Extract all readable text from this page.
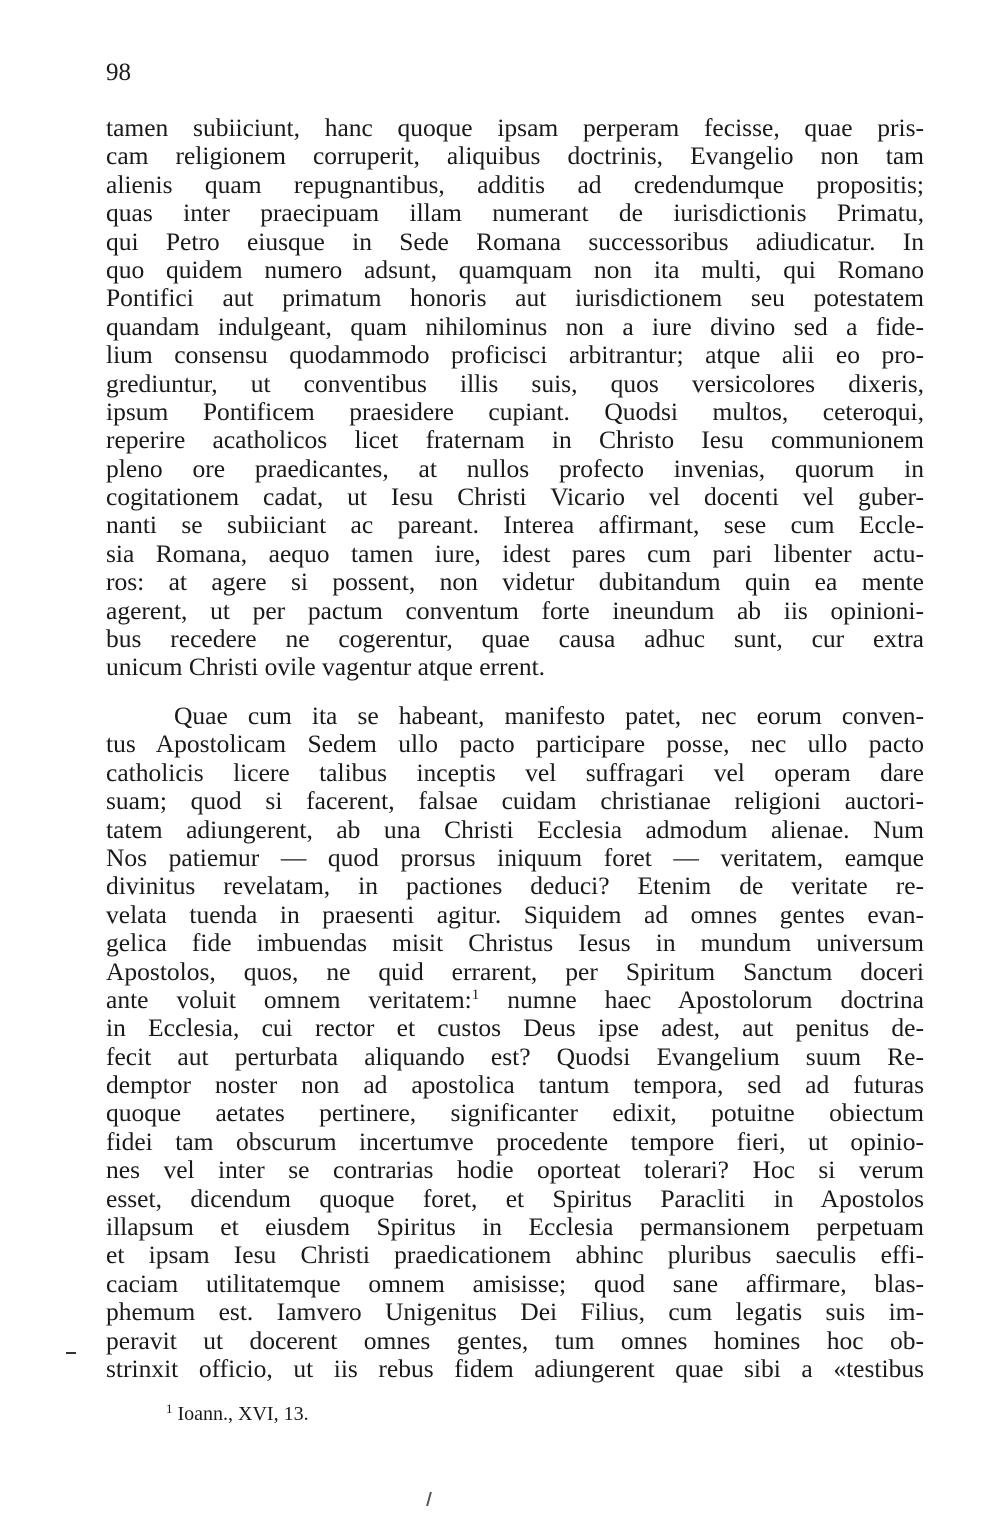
98
tamen subiiciunt, hanc quoque ipsam perperam fecisse, quae pris-
cam religionem corruperit, aliquibus doctrinis, Evangelio non tam
alienis quam repugnantibus, additis ad credendumque propositis;
quas inter praecipuam illam numerant de iurisdictionis Primatu,
qui Petro eiusque in Sede Romana successoribus adiudicatur. In
quo quidem numero adsunt, quamquam non ita multi, qui Romano
Pontifici aut primatum honoris aut iurisdictionem seu potestatem
quandam indulgeant, quam nihilominus non a iure divino sed a fide-
lium consensu quodammodo proficisci arbitrantur; atque alii eo pro-
grediuntur, ut conventibus illis suis, quos versicolores dixeris,
ipsum Pontificem praesidere cupiant. Quodsi multos, ceteroqui,
reperire acatholicos licet fraternam in Christo Iesu communionem
pleno ore praedicantes, at nullos profecto invenias, quorum in
cogitationem cadat, ut Iesu Christi Vicario vel docenti vel guber-
nanti se subiiciant ac pareant. Interea affirmant, sese cum Eccle-
sia Romana, aequo tamen iure, idest pares cum pari libenter actu-
ros: at agere si possent, non videtur dubitandum quin ea mente
agerent, ut per pactum conventum forte ineundum ab iis opinioni-
bus recedere ne cogerentur, quae causa adhuc sunt, cur extra
unicum Christi ovile vagentur atque errent.
Quae cum ita se habeant, manifesto patet, nec eorum conven-
tus Apostolicam Sedem ullo pacto participare posse, nec ullo pacto
catholicis licere talibus inceptis vel suffragari vel operam dare
suam; quod si facerent, falsae cuidam christianae religioni auctori-
tatem adiungerent, ab una Christi Ecclesia admodum alienae. Num
Nos patiemur — quod prorsus iniquum foret — veritatem, eamque
divinitus revelatam, in pactiones deduci? Etenim de veritate re-
velata tuenda in praesenti agitur. Siquidem ad omnes gentes evan-
gelica fide imbuendas misit Christus Iesus in mundum universum
Apostolos, quos, ne quid errarent, per Spiritum Sanctum doceri
ante voluit omnem veritatem:$^1$ numne haec Apostolorum doctrina
in Ecclesia, cui rector et custos Deus ipse adest, aut penitus de-
fecit aut perturbata aliquando est? Quodsi Evangelium suum Re-
demptor noster non ad apostolica tantum tempora, sed ad futuras
quoque aetates pertinere, significanter edixit, potuitne obiectum
fidei tam obscurum incertumve procedente tempore fieri, ut opinio-
nes vel inter se contrarias hodie oporteat tolerari? Hoc si verum
esset, dicendum quoque foret, et Spiritus Paracliti in Apostolos
illapsum et eiusdem Spiritus in Ecclesia permansionem perpetuam
et ipsam Iesu Christi praedicationem abhinc pluribus saeculis effi-
caciam utilitatemque omnem amisisse; quod sane affirmare, blas-
phemum est. Iamvero Unigenitus Dei Filius, cum legatis suis im-
peravit ut docerent omnes gentes, tum omnes homines hoc ob-
strinxit officio, ut iis rebus fidem adiungerent quae sibi a «testibus
$^1$ Ioann., XVI, 13.
